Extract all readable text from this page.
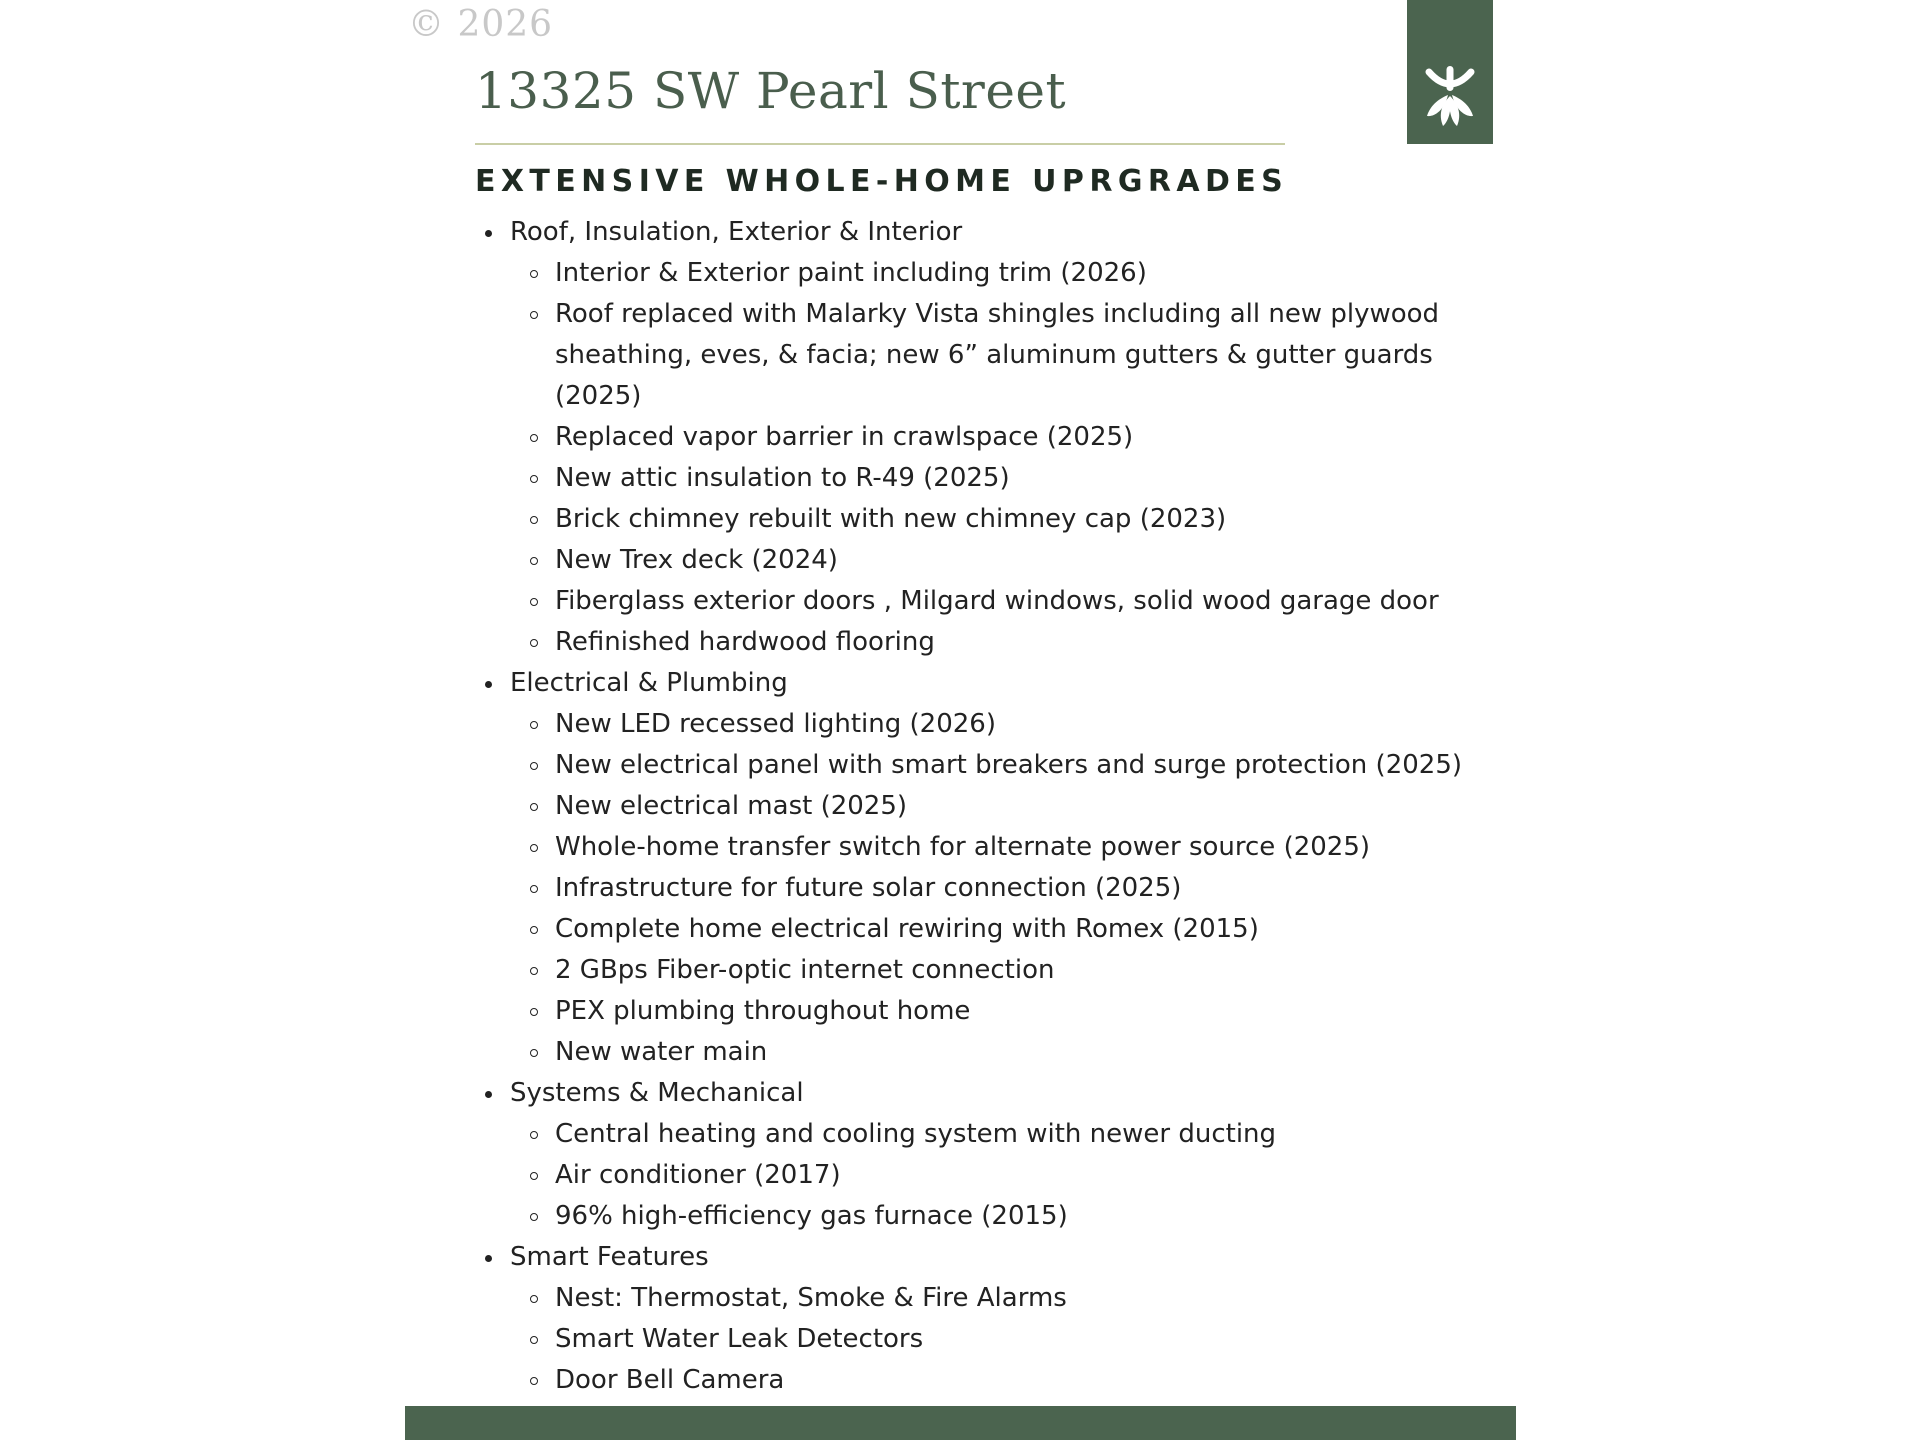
© 2026
13325 SW Pearl Street
EXTENSIVE WHOLE-HOME UPRGRADES
Roof, Insulation, Exterior & Interior
Interior & Exterior paint including trim (2026)
Roof replaced with Malarky Vista shingles including all new plywood sheathing, eves, & facia; new 6” aluminum gutters & gutter guards (2025)
Replaced vapor barrier in crawlspace (2025)
New attic insulation to R-49 (2025)
Brick chimney rebuilt with new chimney cap (2023)
New Trex deck (2024)
Fiberglass exterior doors , Milgard windows, solid wood garage door
Refinished hardwood flooring
Electrical & Plumbing
New LED recessed lighting (2026)
New electrical panel with smart breakers and surge protection (2025)
New electrical mast (2025)
Whole-home transfer switch for alternate power source (2025)
Infrastructure for future solar connection (2025)
Complete home electrical rewiring with Romex (2015)
2 GBps Fiber-optic internet connection
PEX plumbing throughout home
New water main
Systems & Mechanical
Central heating and cooling system with newer ducting
Air conditioner (2017)
96% high-efficiency gas furnace (2015)
Smart Features
Nest: Thermostat, Smoke & Fire Alarms
Smart Water Leak Detectors
Door Bell Camera
